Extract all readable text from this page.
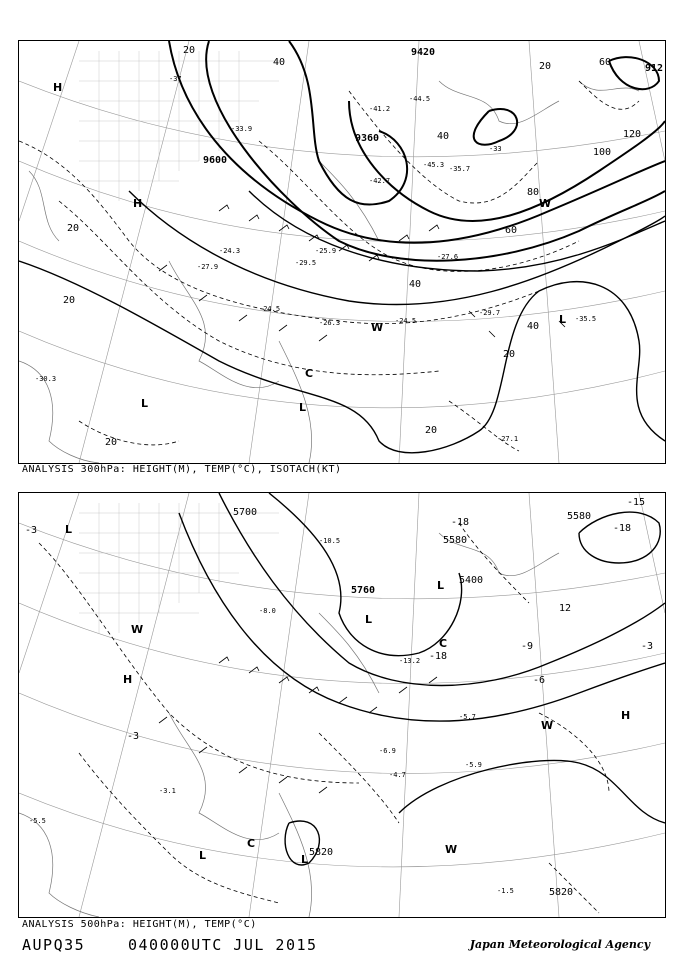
H
H
L	L
C
W
L
W
9420
9360
9600
912
20
40
60
80
100
120
40
60
20
40
20
20
40
20
20
20
-37
-33
-33.9
-35.7
-41.2
-44.5
-45.3
-42.7
-27.6
-24.3	-25.9
-24.5
-29.5
-27.9
-26.3	-24.5
-29.7
-35.5
-27.1
-30.3
ANALYSIS 300hPa: HEIGHT(M), TEMP(°C), ISOTACH(KT)
L
H
L
L
C
W
H
L
C
L
W
W
5580
5580
5700
5820
5820
5760
5400
-3
-15
-18
-18
-18
12
-9
-6
-3
-3
-10.5
-8.0
-13.2
-5.7
-4.7
-6.9
-5.9
-1.5
-5.5
-3.1
ANALYSIS 500hPa: HEIGHT(M), TEMP(°C)
AUPQ35	040000UTC JUL 2015	Japan Meteorological Agency
